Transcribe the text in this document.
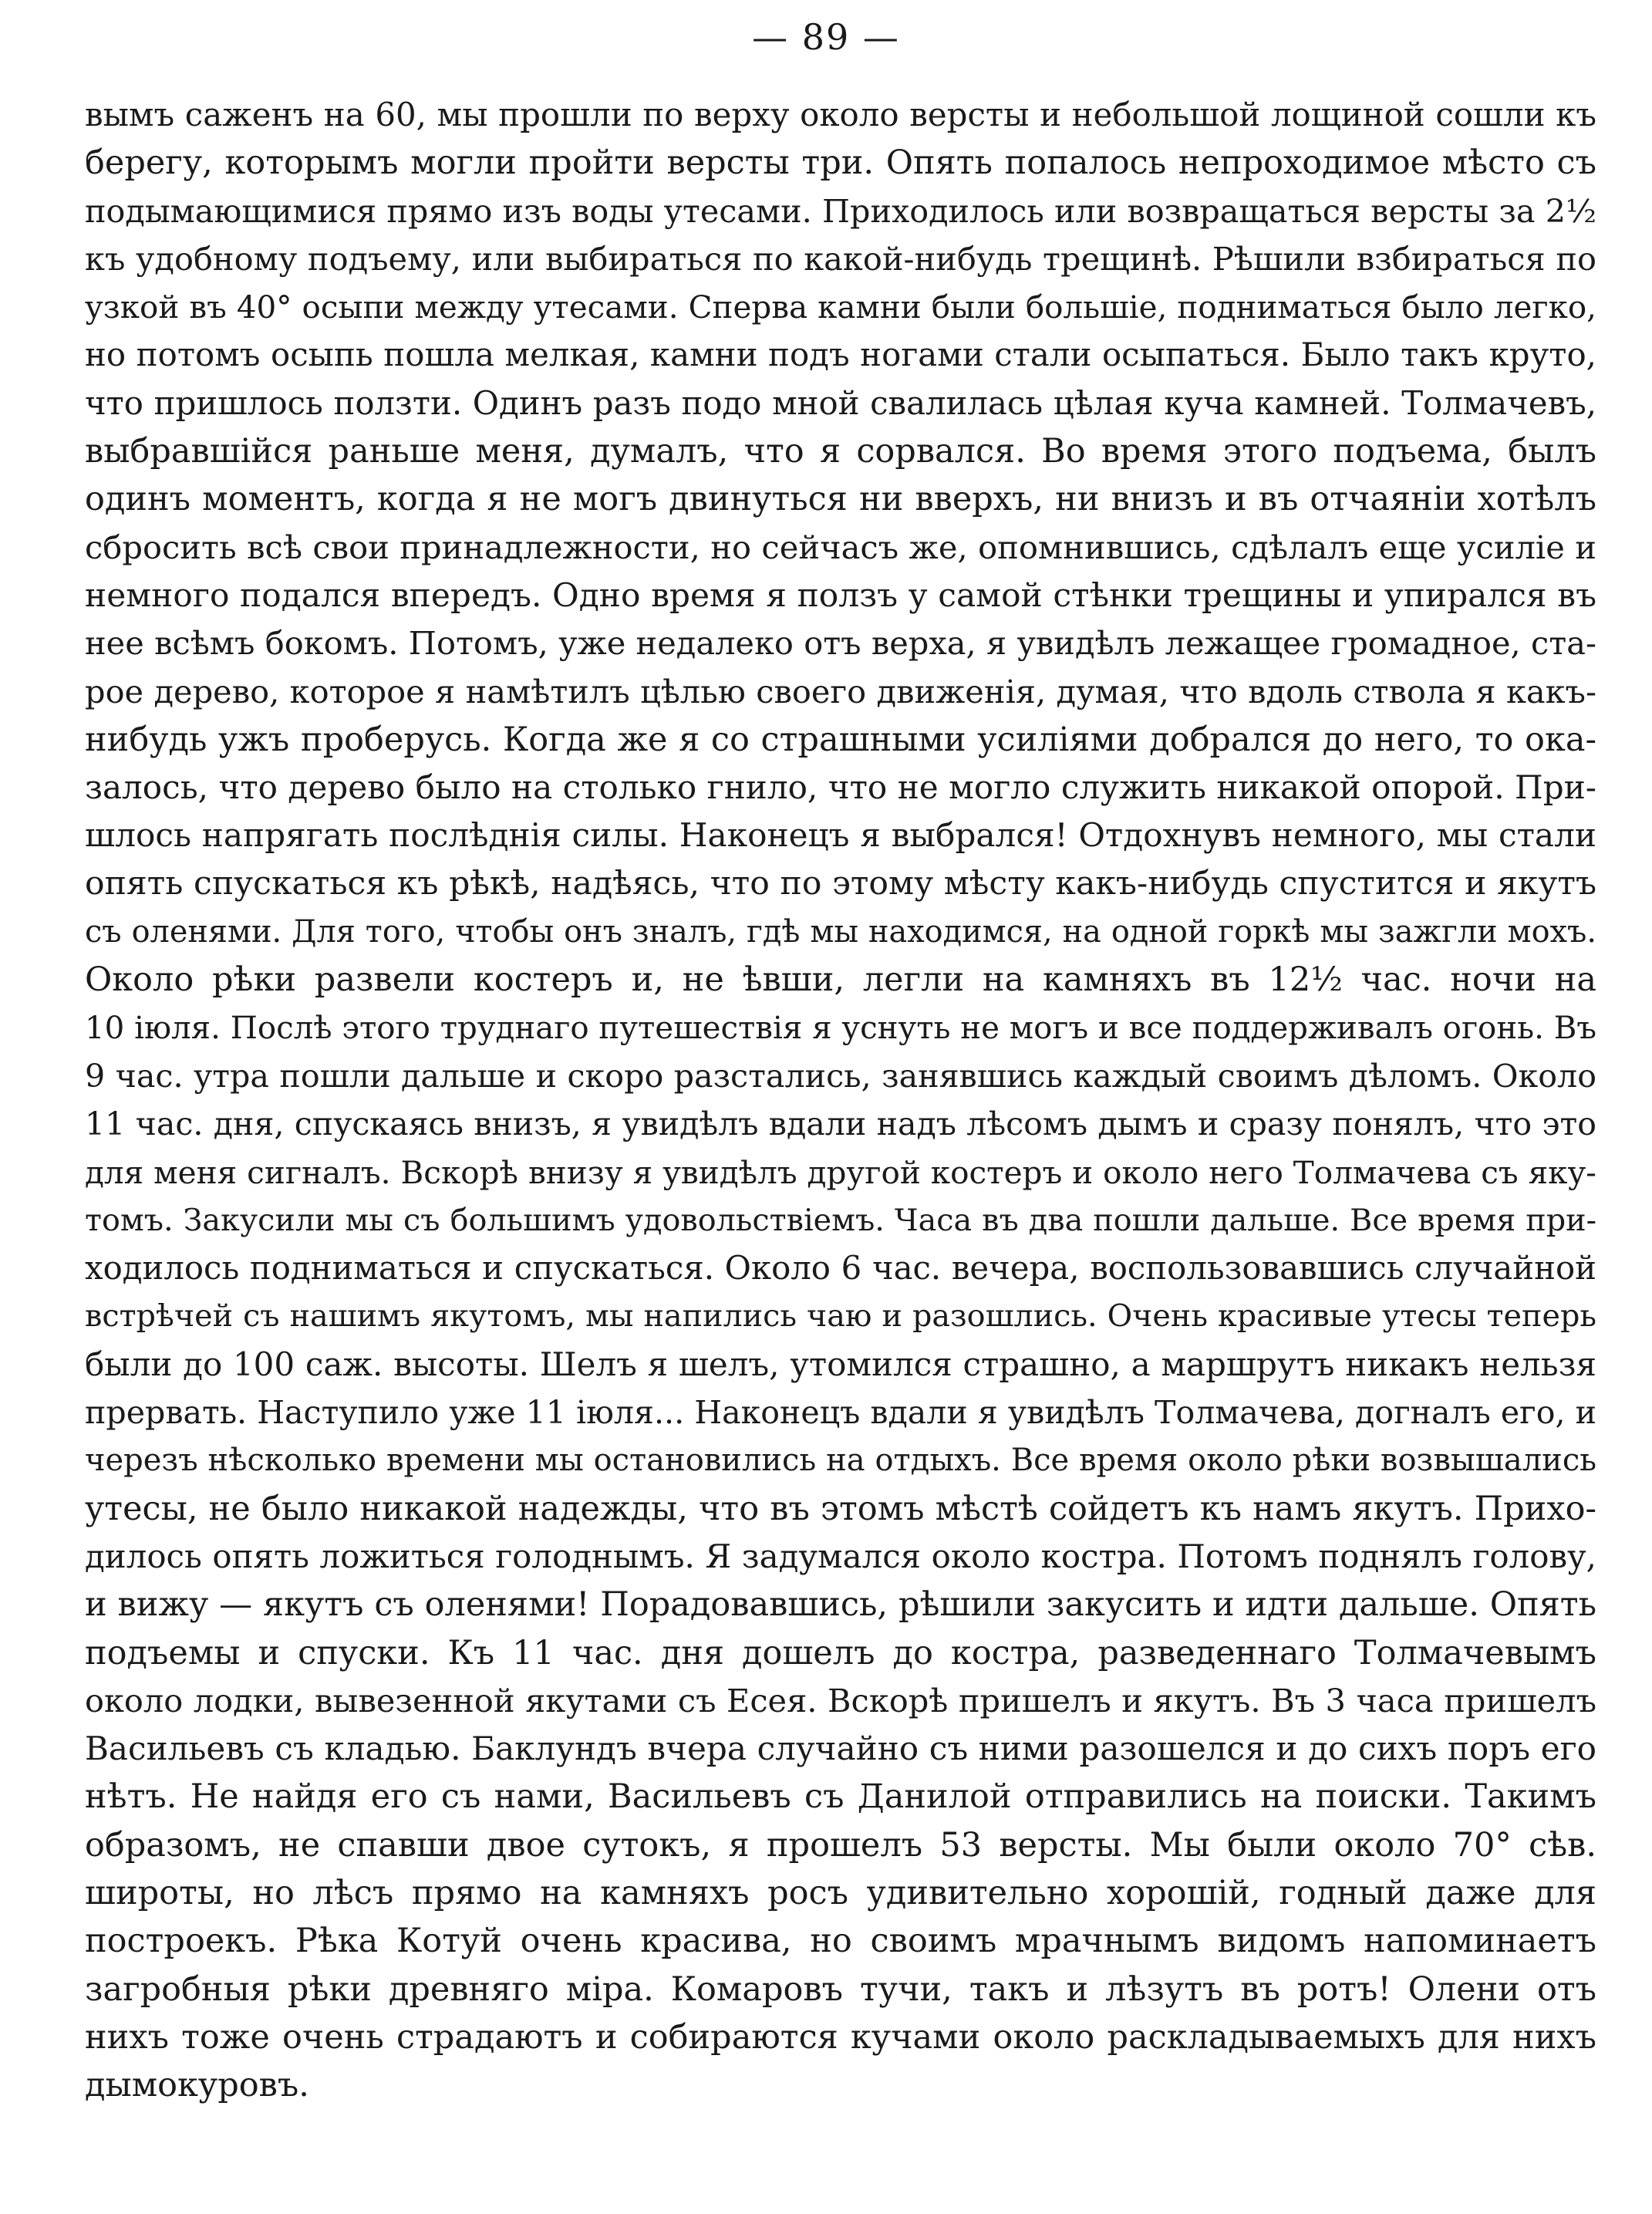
— 89 —
вымъ саженъ на 60, мы прошли по верху около версты и небольшой лощиной сошли къ
берегу, которымъ могли пройти версты три. Опять попалось непроходимое мѣсто съ
подымающимися прямо изъ воды утесами. Приходилось или возвращаться версты за 2½
къ удобному подъему, или выбираться по какой-нибудь трещинѣ. Рѣшили взбираться по
узкой въ 40° осыпи между утесами. Сперва камни были большіе, подниматься было легко,
но потомъ осыпь пошла мелкая, камни подъ ногами стали осыпаться. Было такъ круто,
что пришлось ползти. Одинъ разъ подо мной свалилась цѣлая куча камней. Толмачевъ,
выбравшійся раньше меня, думалъ, что я сорвался. Во время этого подъема, былъ
одинъ моментъ, когда я не могъ двинуться ни вверхъ, ни внизъ и въ отчаяніи хотѣлъ
сбросить всѣ свои принадлежности, но сейчасъ же, опомнившись, сдѣлалъ еще усиліе и
немного подался впередъ. Одно время я ползъ у самой стѣнки трещины и упирался въ
нее всѣмъ бокомъ. Потомъ, уже недалеко отъ верха, я увидѣлъ лежащее громадное, ста-
рое дерево, которое я намѣтилъ цѣлью своего движенія, думая, что вдоль ствола я какъ-
нибудь ужъ проберусь. Когда же я со страшными усиліями добрался до него, то ока-
залось, что дерево было на столько гнило, что не могло служить никакой опорой. При-
шлось напрягать послѣднія силы. Наконецъ я выбрался! Отдохнувъ немного, мы стали
опять спускаться къ рѣкѣ, надѣясь, что по этому мѣсту какъ-нибудь спустится и якутъ
съ оленями. Для того, чтобы онъ зналъ, гдѣ мы находимся, на одной горкѣ мы зажгли мохъ.
Около рѣки развели костеръ и, не ѣвши, легли на камняхъ въ 12½ час. ночи на
10 іюля. Послѣ этого труднаго путешествія я уснуть не могъ и все поддерживалъ огонь. Въ
9 час. утра пошли дальше и скоро разстались, занявшись каждый своимъ дѣломъ. Около
11 час. дня, спускаясь внизъ, я увидѣлъ вдали надъ лѣсомъ дымъ и сразу понялъ, что это
для меня сигналъ. Вскорѣ внизу я увидѣлъ другой костеръ и около него Толмачева съ яку-
томъ. Закусили мы съ большимъ удовольствіемъ. Часа въ два пошли дальше. Все время при-
ходилось подниматься и спускаться. Около 6 час. вечера, воспользовавшись случайной
встрѣчей съ нашимъ якутомъ, мы напились чаю и разошлись. Очень красивые утесы теперь
были до 100 саж. высоты. Шелъ я шелъ, утомился страшно, а маршрутъ никакъ нельзя
прервать. Наступило уже 11 іюля... Наконецъ вдали я увидѣлъ Толмачева, догналъ его, и
черезъ нѣсколько времени мы остановились на отдыхъ. Все время около рѣки возвышались
утесы, не было никакой надежды, что въ этомъ мѣстѣ сойдетъ къ намъ якутъ. Прихо-
дилось опять ложиться голоднымъ. Я задумался около костра. Потомъ поднялъ голову,
и вижу — якутъ съ оленями! Порадовавшись, рѣшили закусить и идти дальше. Опять
подъемы и спуски. Къ 11 час. дня дошелъ до костра, разведеннаго Толмачевымъ
около лодки, вывезенной якутами съ Есея. Вскорѣ пришелъ и якутъ. Въ 3 часа пришелъ
Васильевъ съ кладью. Баклундъ вчера случайно съ ними разошелся и до сихъ поръ его
нѣтъ. Не найдя его съ нами, Васильевъ съ Данилой отправились на поиски. Такимъ
образомъ, не спавши двое сутокъ, я прошелъ 53 версты. Мы были около 70° сѣв.
широты, но лѣсъ прямо на камняхъ росъ удивительно хорошій, годный даже для
построекъ. Рѣка Котуй очень красива, но своимъ мрачнымъ видомъ напоминаетъ
загробныя рѣки древняго міра. Комаровъ тучи, такъ и лѣзутъ въ ротъ! Олени отъ
нихъ тоже очень страдаютъ и собираются кучами около раскладываемыхъ для нихъ
дымокуровъ.
